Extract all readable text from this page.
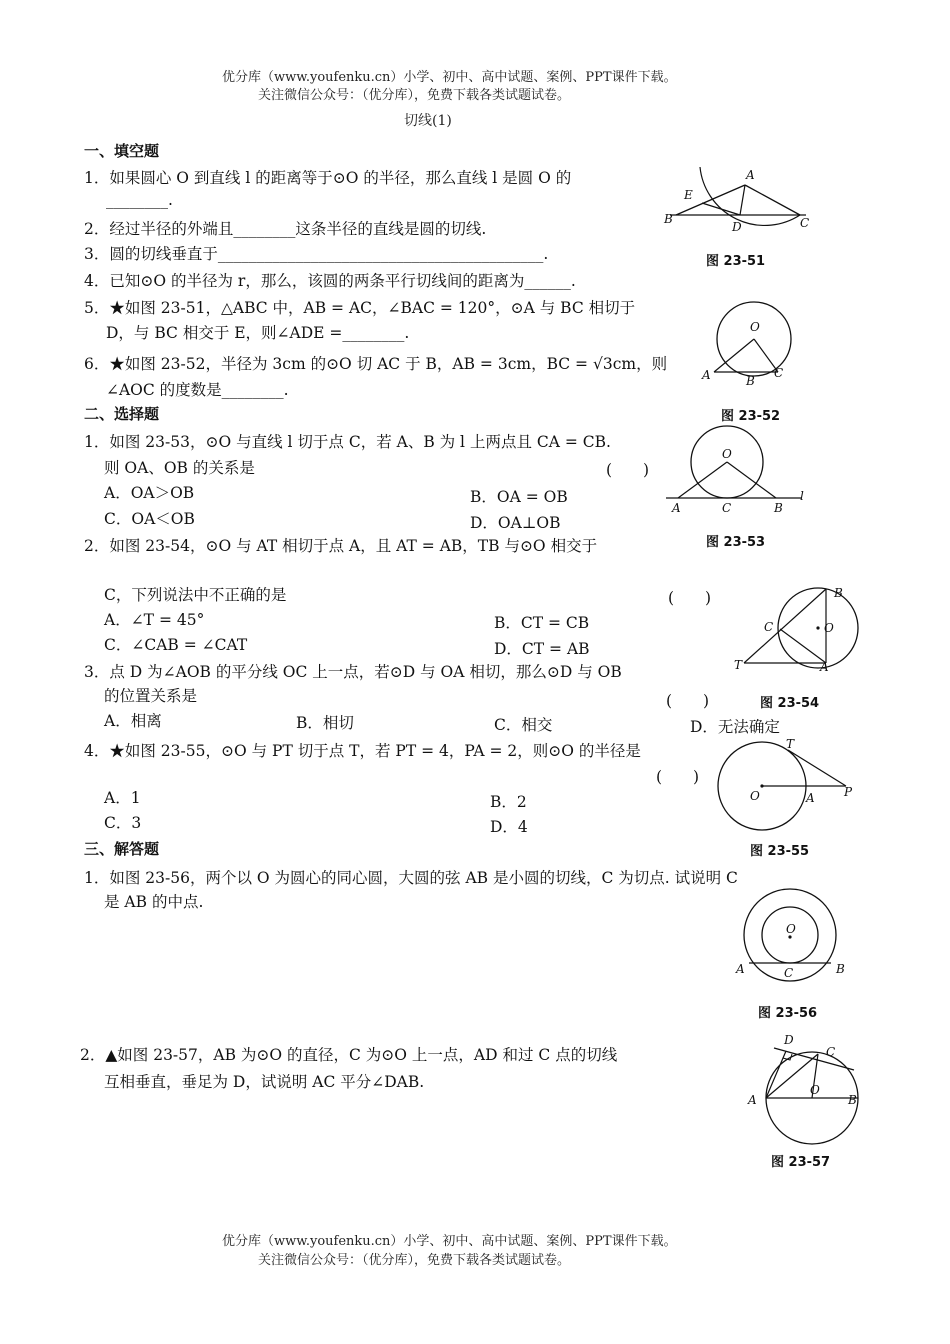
优分库（www.youfenku.cn）小学、初中、高中试题、案例、PPT课件下载。
关注微信公众号：（优分库），免费下载各类试题试卷。
切线(1)
一、填空题
1．如果圆心 O 到直线 l 的距离等于⊙O 的半径，那么直线 l 是圆 O 的
________.
2．经过半径的外端且________这条半径的直线是圆的切线.
3．圆的切线垂直于__________________________________________.
4．已知⊙O 的半径为 r，那么，该圆的两条平行切线间的距离为______.
5．★如图 23-51，△ABC 中，AB = AC，∠BAC = 120°，⊙A 与 BC 相切于
D，与 BC 相交于 E，则∠ADE =________.
6．★如图 23-52，半径为 3cm 的⊙O 切 AC 于 B，AB = 3cm，BC = √3cm，则
∠AOC 的度数是________.
二、选择题
1．如图 23-53，⊙O 与直线 l 切于点 C，若 A、B 为 l 上两点且 CA = CB.
则 OA、OB 的关系是	(　　)
A．OA＞OB	B．OA = OB
C．OA＜OB	D．OA⊥OB
2．如图 23-54，⊙O 与 AT 相切于点 A，且 AT = AB，TB 与⊙O 相交于
C，下列说法中不正确的是	(　　)
A．∠T = 45°	B．CT = CB
C．∠CAB = ∠CAT	D．CT = AB
3．点 D 为∠AOB 的平分线 OC 上一点，若⊙D 与 OA 相切，那么⊙D 与 OB
的位置关系是	(　　)
A．相离	B．相切	C．相交	D．无法确定
4．★如图 23-55，⊙O 与 PT 切于点 T，若 PT = 4，PA = 2，则⊙O 的半径是
(　　)
A．1	B．2
C．3	D．4
三、解答题
1．如图 23-56，两个以 O 为圆心的同心圆，大圆的弦 AB 是小圆的切线，C 为切点. 试说明 C
是 AB 的中点.
2．▲如图 23-57，AB 为⊙O 的直径，C 为⊙O 上一点，AD 和过 C 点的切线
互相垂直，垂足为 D，试说明 AC 平分∠DAB.
A
E
B
D	C
图 23-51
O
A	B
C
图 23-52
O
A	C	B
l
图 23-53
B
C	O
T	A
图 23-54
T
O	A P
图 23-55
O
A	C	B
图 23-56
D
C
A
O
B
图 23-57
优分库（www.youfenku.cn）小学、初中、高中试题、案例、PPT课件下载。
关注微信公众号：（优分库），免费下载各类试题试卷。
